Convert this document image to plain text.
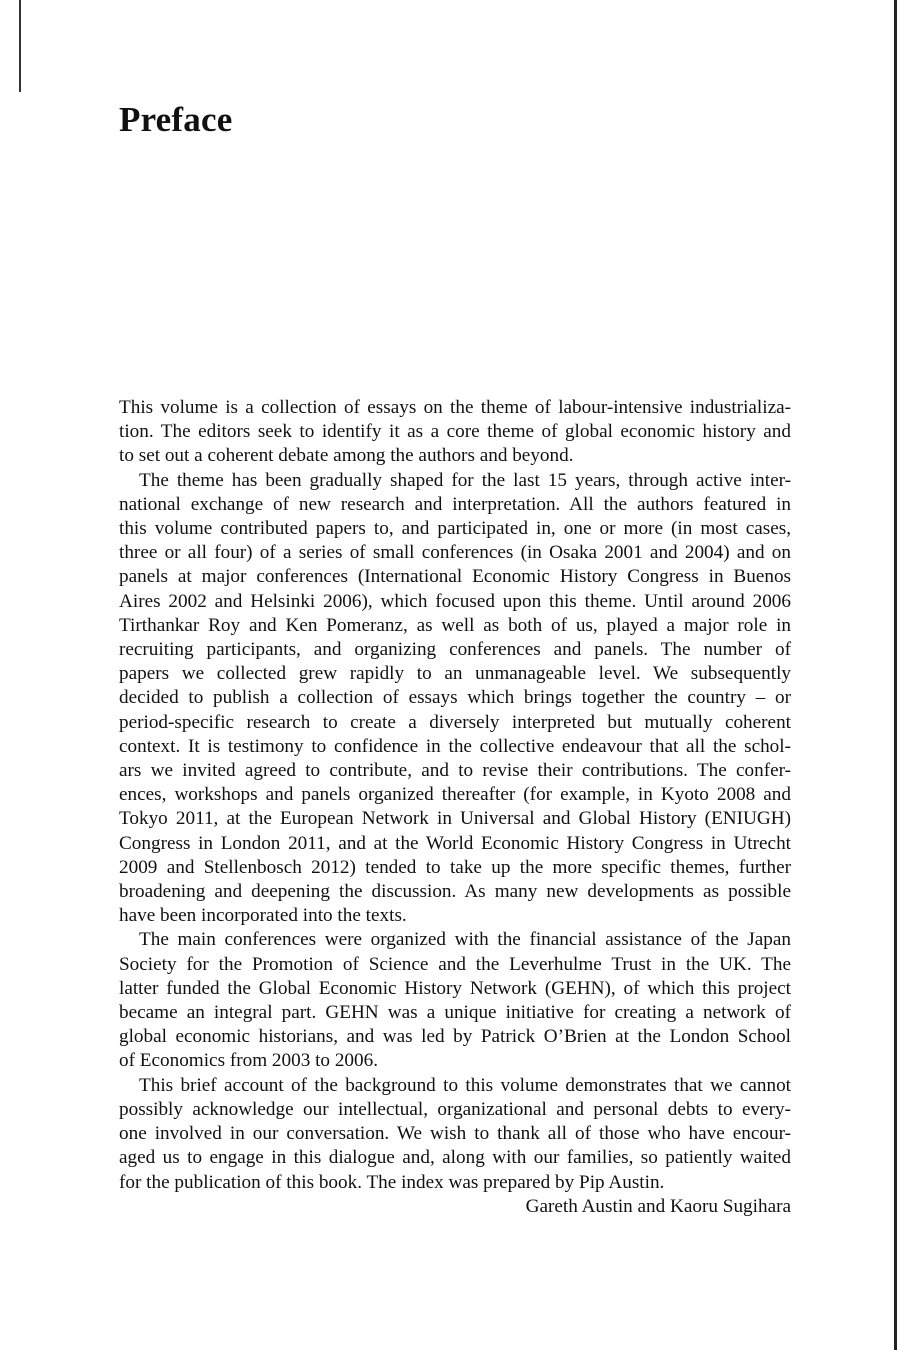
Preface
This volume is a collection of essays on the theme of labour-intensive industrializa-
tion. The editors seek to identify it as a core theme of global economic history and
to set out a coherent debate among the authors and beyond.
The theme has been gradually shaped for the last 15 years, through active inter-
national exchange of new research and interpretation. All the authors featured in
this volume contributed papers to, and participated in, one or more (in most cases,
three or all four) of a series of small conferences (in Osaka 2001 and 2004) and on
panels at major conferences (International Economic History Congress in Buenos
Aires 2002 and Helsinki 2006), which focused upon this theme. Until around 2006
Tirthankar Roy and Ken Pomeranz, as well as both of us, played a major role in
recruiting participants, and organizing conferences and panels. The number of
papers we collected grew rapidly to an unmanageable level. We subsequently
decided to publish a collection of essays which brings together the country – or
period-specific research to create a diversely interpreted but mutually coherent
context. It is testimony to confidence in the collective endeavour that all the schol-
ars we invited agreed to contribute, and to revise their contributions. The confer-
ences, workshops and panels organized thereafter (for example, in Kyoto 2008 and
Tokyo 2011, at the European Network in Universal and Global History (ENIUGH)
Congress in London 2011, and at the World Economic History Congress in Utrecht
2009 and Stellenbosch 2012) tended to take up the more specific themes, further
broadening and deepening the discussion. As many new developments as possible
have been incorporated into the texts.
The main conferences were organized with the financial assistance of the Japan
Society for the Promotion of Science and the Leverhulme Trust in the UK. The
latter funded the Global Economic History Network (GEHN), of which this project
became an integral part. GEHN was a unique initiative for creating a network of
global economic historians, and was led by Patrick O’Brien at the London School
of Economics from 2003 to 2006.
This brief account of the background to this volume demonstrates that we cannot
possibly acknowledge our intellectual, organizational and personal debts to every-
one involved in our conversation. We wish to thank all of those who have encour-
aged us to engage in this dialogue and, along with our families, so patiently waited
for the publication of this book. The index was prepared by Pip Austin.
Gareth Austin and Kaoru Sugihara
